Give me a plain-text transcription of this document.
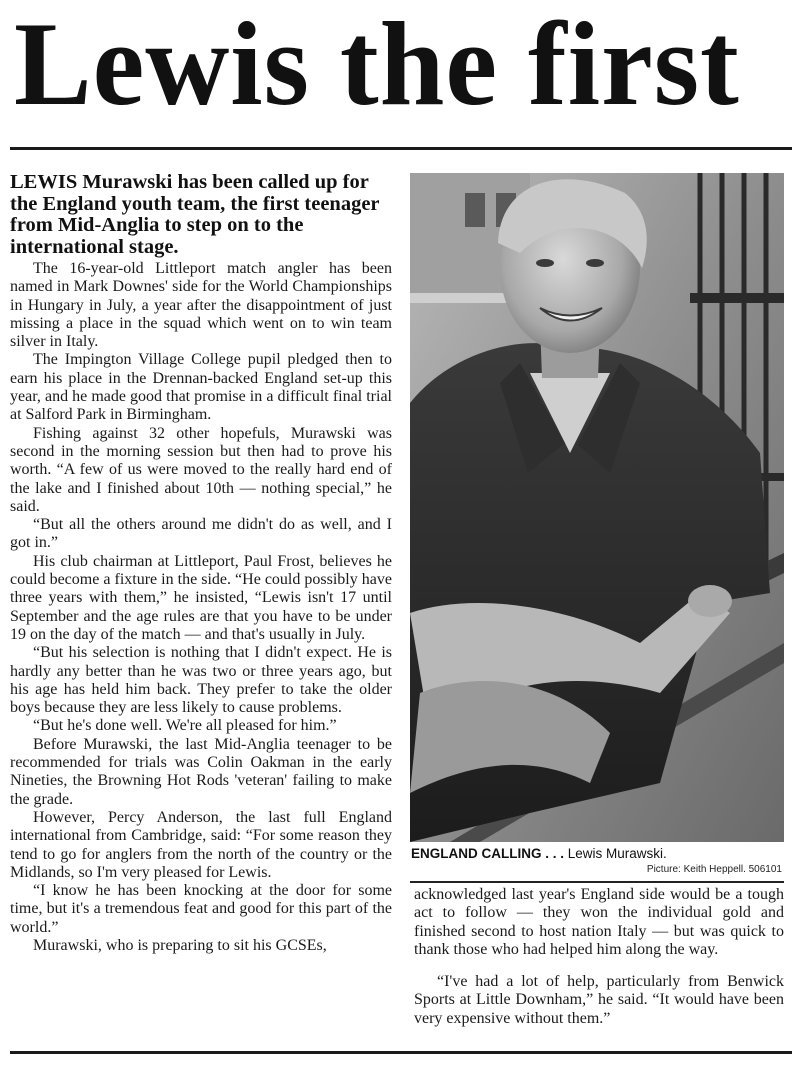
Lewis the first

LEWIS Murawski has been called up for the England youth team, the first teenager from Mid-Anglia to step on to the international stage.

The 16-year-old Littleport match angler has been named in Mark Downes' side for the World Championships in Hungary in July, a year after the disappointment of just missing a place in the squad which went on to win team silver in Italy.

The Impington Village College pupil pledged then to earn his place in the Drennan-backed England set-up this year, and he made good that promise in a difficult final trial at Salford Park in Birmingham.

Fishing against 32 other hopefuls, Murawski was second in the morning session but then had to prove his worth. “A few of us were moved to the really hard end of the lake and I finished about 10th — nothing special,” he said.

“But all the others around me didn't do as well, and I got in.”

His club chairman at Littleport, Paul Frost, believes he could become a fixture in the side. “He could possibly have three years with them,” he insisted, “Lewis isn't 17 until September and the age rules are that you have to be under 19 on the day of the match — and that's usually in July.

“But his selection is nothing that I didn't expect. He is hardly any better than he was two or three years ago, but his age has held him back. They prefer to take the older boys because they are less likely to cause problems.

“But he's done well. We're all pleased for him.”

Before Murawski, the last Mid-Anglia teenager to be recommended for trials was Colin Oakman in the early Nineties, the Browning Hot Rods 'veteran' failing to make the grade.

However, Percy Anderson, the last full England international from Cambridge, said: “For some reason they tend to go for anglers from the north of the country or the Midlands, so I'm very pleased for Lewis.

“I know he has been knocking at the door for some time, but it's a tremendous feat and good for this part of the world.”

Murawski, who is preparing to sit his GCSEs,

ENGLAND CALLING . . . Lewis Murawski.
Picture: Keith Heppell. 506101

acknowledged last year's England side would be a tough act to follow — they won the individual gold and finished second to host nation Italy — but was quick to thank those who had helped him along the way.

“I've had a lot of help, particularly from Benwick Sports at Little Downham,” he said. “It would have been very expensive without them.”
